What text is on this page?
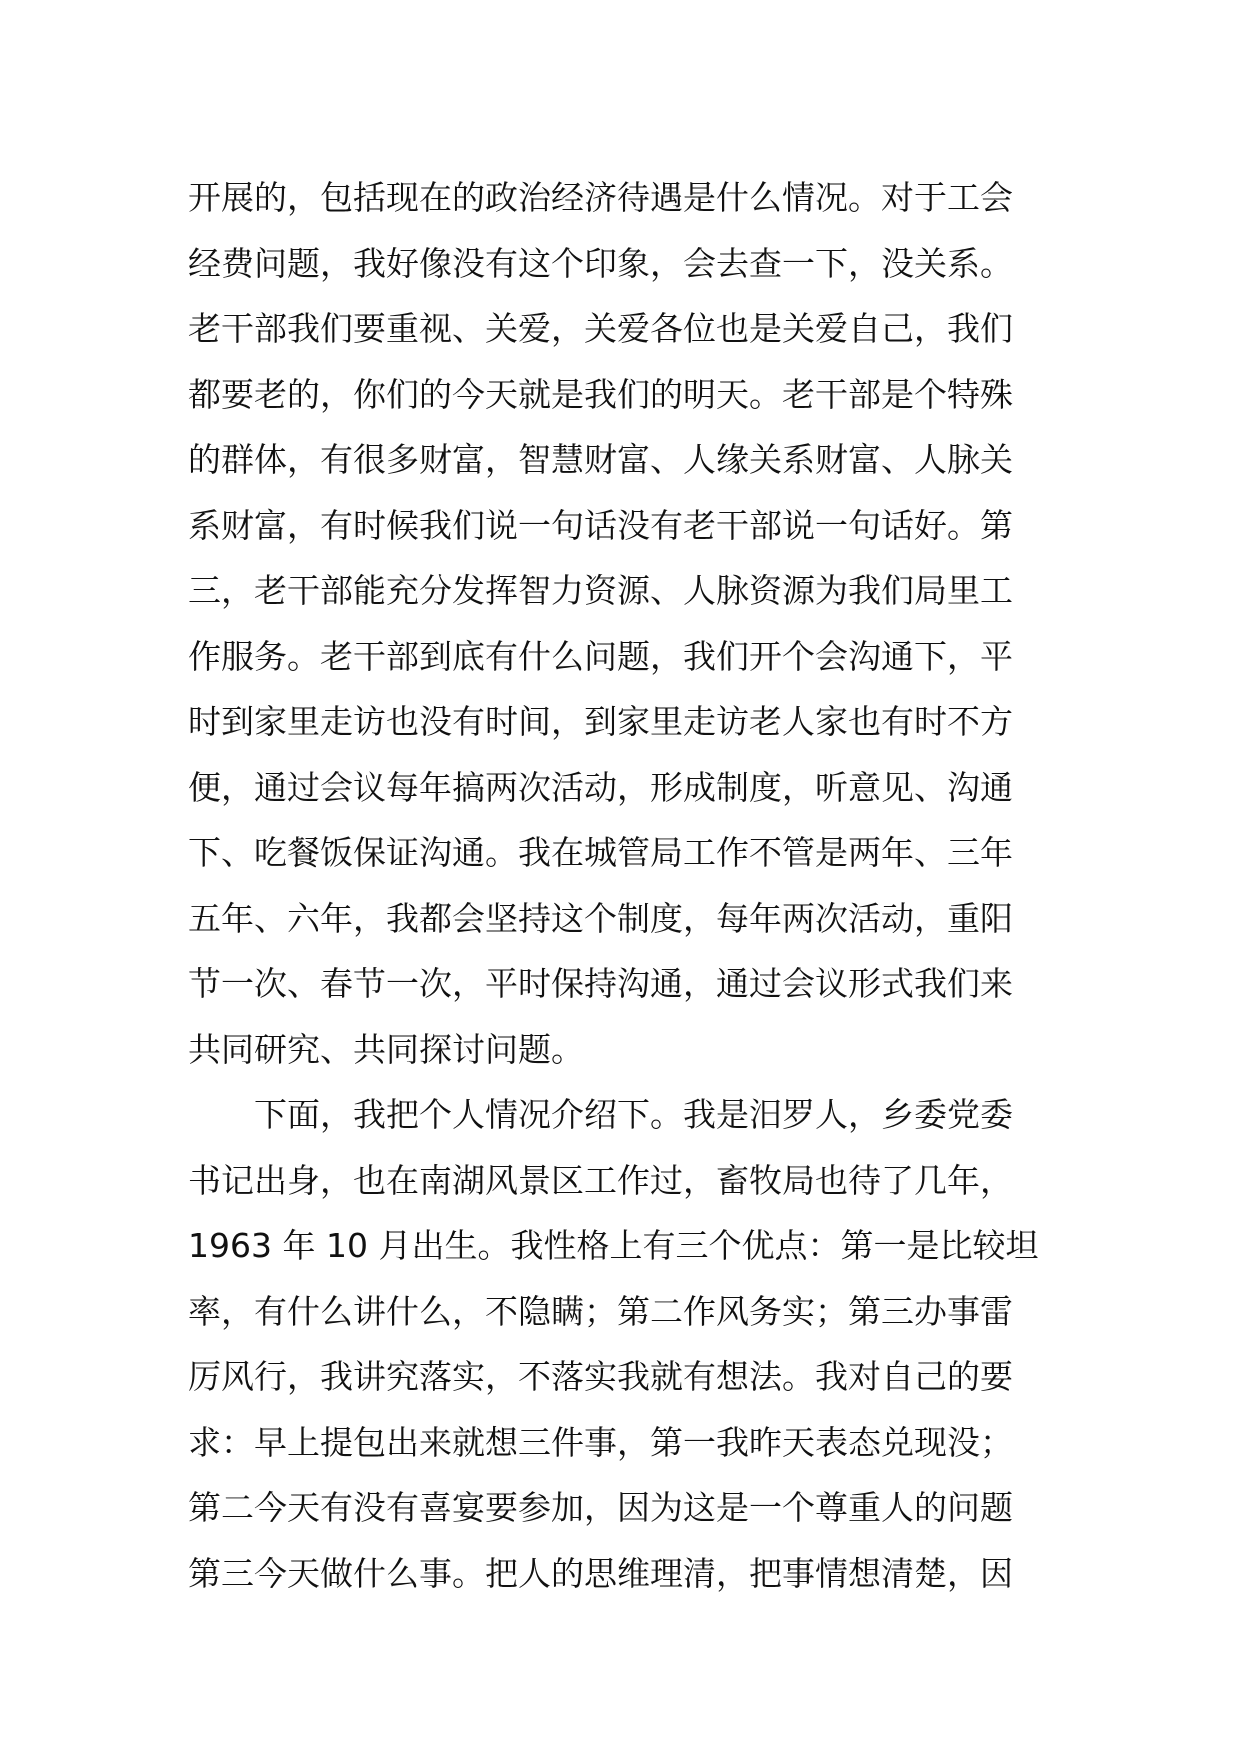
开展的，包括现在的政治经济待遇是什么情况。对于工会
经费问题，我好像没有这个印象，会去查一下，没关系。
老干部我们要重视、关爱，关爱各位也是关爱自己，我们
都要老的，你们的今天就是我们的明天。老干部是个特殊
的群体，有很多财富，智慧财富、人缘关系财富、人脉关
系财富，有时候我们说一句话没有老干部说一句话好。第
三，老干部能充分发挥智力资源、人脉资源为我们局里工
作服务。老干部到底有什么问题，我们开个会沟通下，平
时到家里走访也没有时间，到家里走访老人家也有时不方
便，通过会议每年搞两次活动，形成制度，听意见、沟通
下、吃餐饭保证沟通。我在城管局工作不管是两年、三年
五年、六年，我都会坚持这个制度，每年两次活动，重阳
节一次、春节一次，平时保持沟通，通过会议形式我们来
共同研究、共同探讨问题。
下面，我把个人情况介绍下。我是汨罗人，乡委党委
书记出身，也在南湖风景区工作过，畜牧局也待了几年，
1963 年 10 月出生。我性格上有三个优点：第一是比较坦
率，有什么讲什么，不隐瞒；第二作风务实；第三办事雷
厉风行，我讲究落实，不落实我就有想法。我对自己的要
求：早上提包出来就想三件事，第一我昨天表态兑现没；
第二今天有没有喜宴要参加，因为这是一个尊重人的问题
第三今天做什么事。把人的思维理清，把事情想清楚，因
